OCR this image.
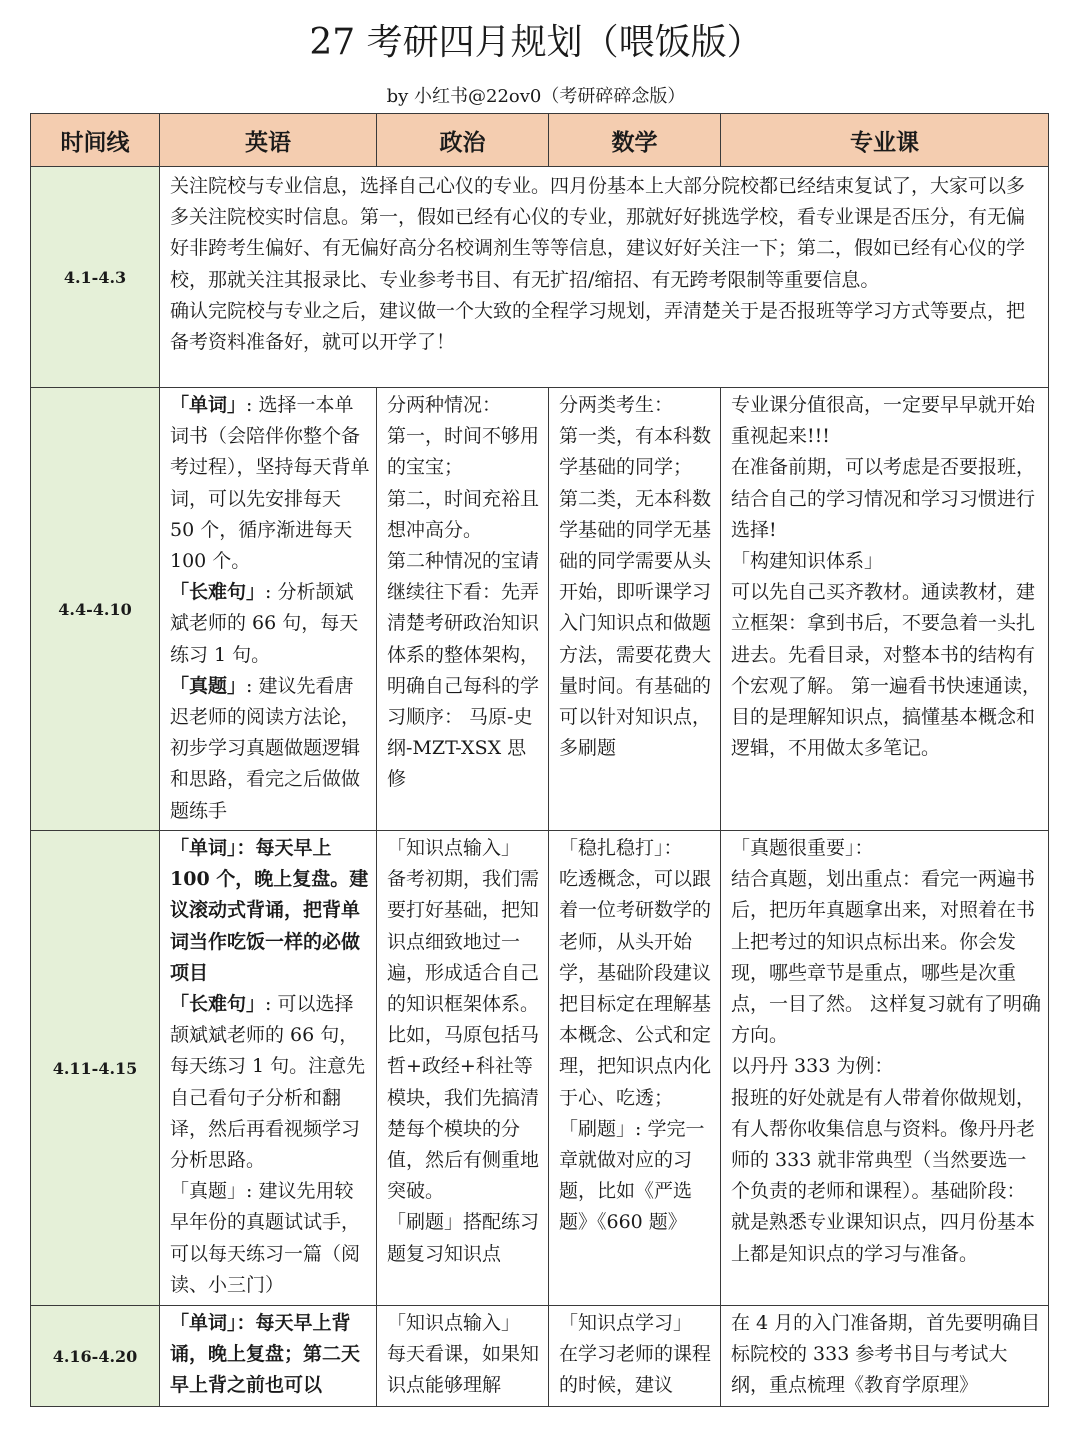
27 考研四月规划（喂饭版）
by 小红书@22ov0（考研碎碎念版）
时间线	英语	政治	数学	专业课
4.1-4.3	关注院校与专业信息，选择自己心仪的专业。四月份基本上大部分院校都已经结束复试了，大家可以多多关注院校实时信息。第一，假如已经有心仪的专业，那就好好挑选学校，看专业课是否压分，有无偏好非跨考生偏好、有无偏好高分名校调剂生等等信息，建议好好关注一下；第二，假如已经有心仪的学校，那就关注其报录比、专业参考书目、有无扩招/缩招、有无跨考限制等重要信息。
确认完院校与专业之后，建议做一个大致的全程学习规划，弄清楚关于是否报班等学习方式等要点，把备考资料准备好，就可以开学了！			

4.4-4.10	「单词」: 选择一本单词书（会陪伴你整个备考过程），坚持每天背单词，可以先安排每天 50 个，循序渐进每天 100 个。
「长难句」: 分析颉斌斌老师的 66 句，每天练习 1 句。
「真题」: 建议先看唐迟老师的阅读方法论，初步学习真题做题逻辑和思路，看完之后做做题练手	分两种情况：
第一，时间不够用的宝宝；
第二，时间充裕且想冲高分。
第二种情况的宝请继续往下看：先弄清楚考研政治知识体系的整体架构，明确自己每科的学习顺序： 马原-史纲-MZT-XSX 思修	分两类考生：
第一类，有本科数学基础的同学；
第二类，无本科数学基础的同学无基础的同学需要从头开始，即听课学习入门知识点和做题方法，需要花费大量时间。有基础的可以针对知识点，多刷题	专业课分值很高，一定要早早就开始重视起来!!!
在准备前期，可以考虑是否要报班，结合自己的学习情况和学习习惯进行选择!
「构建知识体系」
可以先自己买齐教材。通读教材，建立框架：拿到书后，不要急着一头扎进去。先看目录，对整本书的结构有个宏观了解。 第一遍看书快速通读，目的是理解知识点，搞懂基本概念和逻辑，不用做太多笔记。

4.11-4.15	「单词」：每天早上 100 个，晚上复盘。建议滚动式背诵，把背单词当作吃饭一样的必做项目
「长难句」: 可以选择颉斌斌老师的 66 句，每天练习 1 句。注意先自己看句子分析和翻译，然后再看视频学习分析思路。
「真题」: 建议先用较早年份的真题试试手，可以每天练习一篇（阅读、小三门）	「知识点输入」
备考初期，我们需要打好基础，把知识点细致地过一遍，形成适合自己的知识框架体系。比如，马原包括马哲+政经+科社等模块，我们先搞清楚每个模块的分值，然后有侧重地突破。
「刷题」搭配练习题复习知识点	「稳扎稳打」：
吃透概念，可以跟着一位考研数学的老师，从头开始学，基础阶段建议把目标定在理解基本概念、公式和定理，把知识点内化于心、吃透；
「刷题」: 学完一章就做对应的习题，比如《严选题》《660 题》	「真题很重要」：
结合真题，划出重点：看完一两遍书后，把历年真题拿出来，对照着在书上把考过的知识点标出来。你会发现，哪些章节是重点，哪些是次重点，一目了然。 这样复习就有了明确方向。
以丹丹 333 为例：
报班的好处就是有人带着你做规划，有人帮你收集信息与资料。像丹丹老师的 333 就非常典型（当然要选一个负责的老师和课程）。基础阶段：就是熟悉专业课知识点，四月份基本上都是知识点的学习与准备。

4.16-4.20	「单词」：每天早上背诵，晚上复盘；第二天早上背之前也可以	「知识点输入」
每天看课，如果知识点能够理解	「知识点学习」
在学习老师的课程的时候，建议	在 4 月的入门准备期，首先要明确目标院校的 333 参考书目与考试大纲，重点梳理《教育学原理》
